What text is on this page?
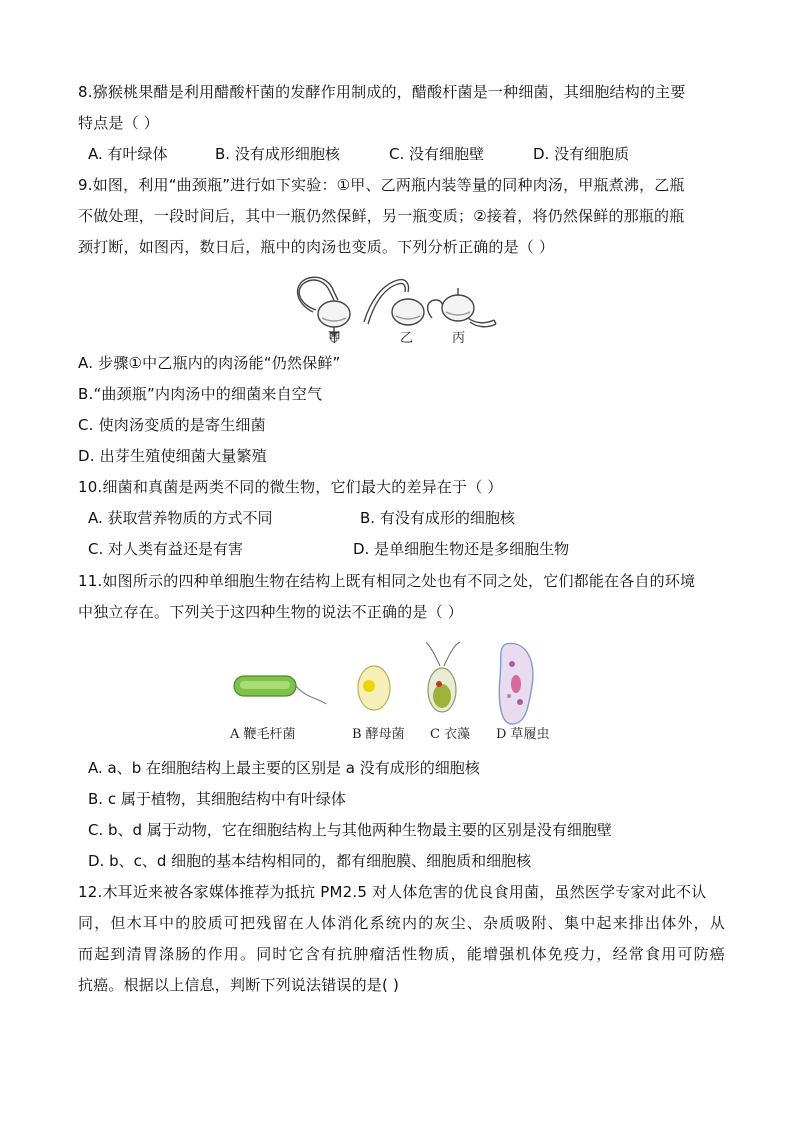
8.猕猴桃果醋是利用醋酸杆菌的发酵作用制成的，醋酸杆菌是一种细菌，其细胞结构的主要
特点是（ ）
A. 有叶绿体	B. 没有成形细胞核	C. 没有细胞壁	D. 没有细胞质
9.如图，利用“曲颈瓶”进行如下实验：①甲、乙两瓶内装等量的同种肉汤，甲瓶煮沸，乙瓶
不做处理，一段时间后，其中一瓶仍然保鲜，另一瓶变质；②接着，将仍然保鲜的那瓶的瓶
颈打断，如图丙，数日后，瓶中的肉汤也变质。下列分析正确的是（ ）
甲	乙	丙
A. 步骤①中乙瓶内的肉汤能“仍然保鲜”
B.“曲颈瓶”内肉汤中的细菌来自空气
C. 使肉汤变质的是寄生细菌
D. 出芽生殖使细菌大量繁殖
10.细菌和真菌是两类不同的微生物，它们最大的差异在于（ ）
A. 获取营养物质的方式不同	B. 有没有成形的细胞核
C. 对人类有益还是有害	D. 是单细胞生物还是多细胞生物
11.如图所示的四种单细胞生物在结构上既有相同之处也有不同之处，它们都能在各自的环境
中独立存在。下列关于这四种生物的说法不正确的是（ ）
A 鞭毛杆菌	B 酵母菌 C 衣藻 D 草履虫
A. a、b 在细胞结构上最主要的区别是 a 没有成形的细胞核
B. c 属于植物，其细胞结构中有叶绿体
C. b、d 属于动物，它在细胞结构上与其他两种生物最主要的区别是没有细胞壁
D. b、c、d 细胞的基本结构相同的，都有细胞膜、细胞质和细胞核
12.木耳近来被各家媒体推荐为抵抗 PM2.5 对人体危害的优良食用菌，虽然医学专家对此不认
同，但木耳中的胶质可把残留在人体消化系统内的灰尘、杂质吸附、集中起来排出体外，从
而起到清胃涤肠的作用。同时它含有抗肿瘤活性物质，能增强机体免疫力，经常食用可防癌
抗癌。根据以上信息，判断下列说法错误的是( )
